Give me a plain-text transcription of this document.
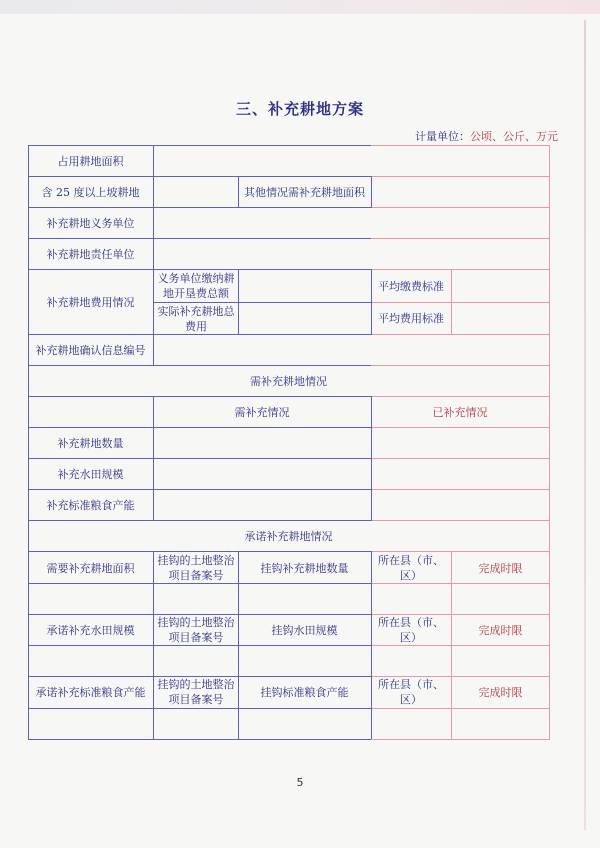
三、补充耕地方案
计量单位：公顷、公斤、万元
占用耕地面积
含 25 度以上坡耕地	其他情况需补充耕地面积
补充耕地义务单位
补充耕地责任单位
补充耕地费用情况
义务单位缴纳耕地开垦费总额
平均缴费标准
实际补充耕地总费用
平均费用标准
补充耕地确认信息编号
需补充耕地情况
需补充情况	已补充情况
补充耕地数量
补充水田规模
补充标准粮食产能
承诺补充耕地情况
需要补充耕地面积
挂钩的土地整治项目备案号
挂钩补充耕地数量
所在县（市、区）
完成时限
承诺补充水田规模
挂钩的土地整治项目备案号
挂钩水田规模
所在县（市、区）
完成时限
承诺补充标准粮食产能
挂钩的土地整治项目备案号
挂钩标准粮食产能
所在县（市、区）
完成时限
5
